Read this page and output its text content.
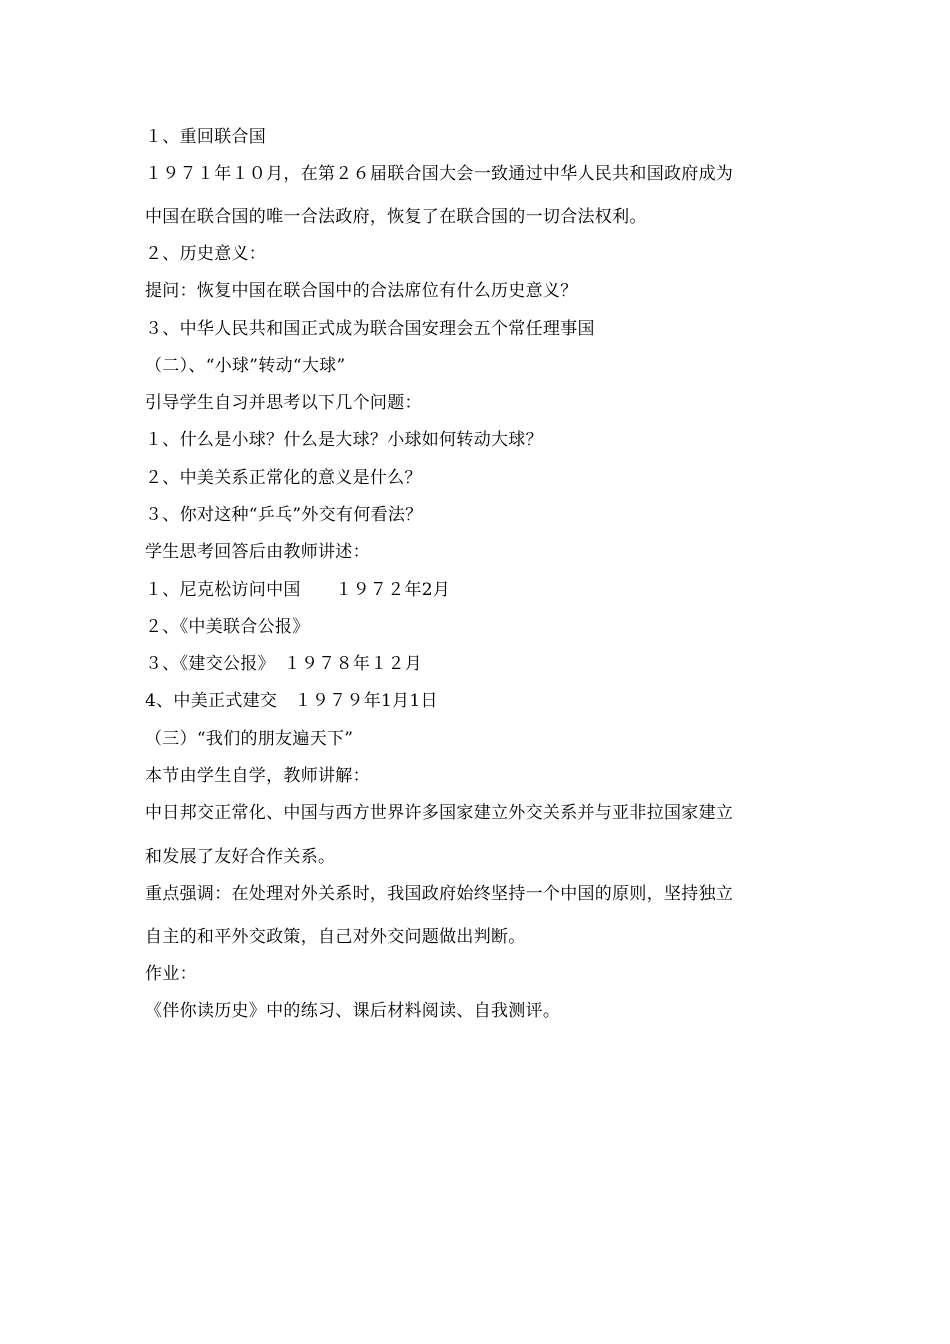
１、重回联合国
１９７１年１０月，在第２６届联合国大会一致通过中华人民共和国政府成为
中国在联合国的唯一合法政府，恢复了在联合国的一切合法权利。
２、历史意义：
提问：恢复中国在联合国中的合法席位有什么历史意义？
３、中华人民共和国正式成为联合国安理会五个常任理事国
（二）、“小球”转动“大球”
引导学生自习并思考以下几个问题：
１、什么是小球？什么是大球？小球如何转动大球？
２、中美关系正常化的意义是什么？
３、你对这种“乒乓”外交有何看法？
学生思考回答后由教师讲述：
１、尼克松访问中国　　１９７２年2月
２、《中美联合公报》
３、《建交公报》　１９７８年１２月
4、中美正式建交　１９７９年1月1日
（三）“我们的朋友遍天下”
本节由学生自学，教师讲解：
中日邦交正常化、中国与西方世界许多国家建立外交关系并与亚非拉国家建立
和发展了友好合作关系。
重点强调：在处理对外关系时，我国政府始终坚持一个中国的原则，坚持独立
自主的和平外交政策，自己对外交问题做出判断。
作业：
《伴你读历史》中的练习、课后材料阅读、自我测评。
